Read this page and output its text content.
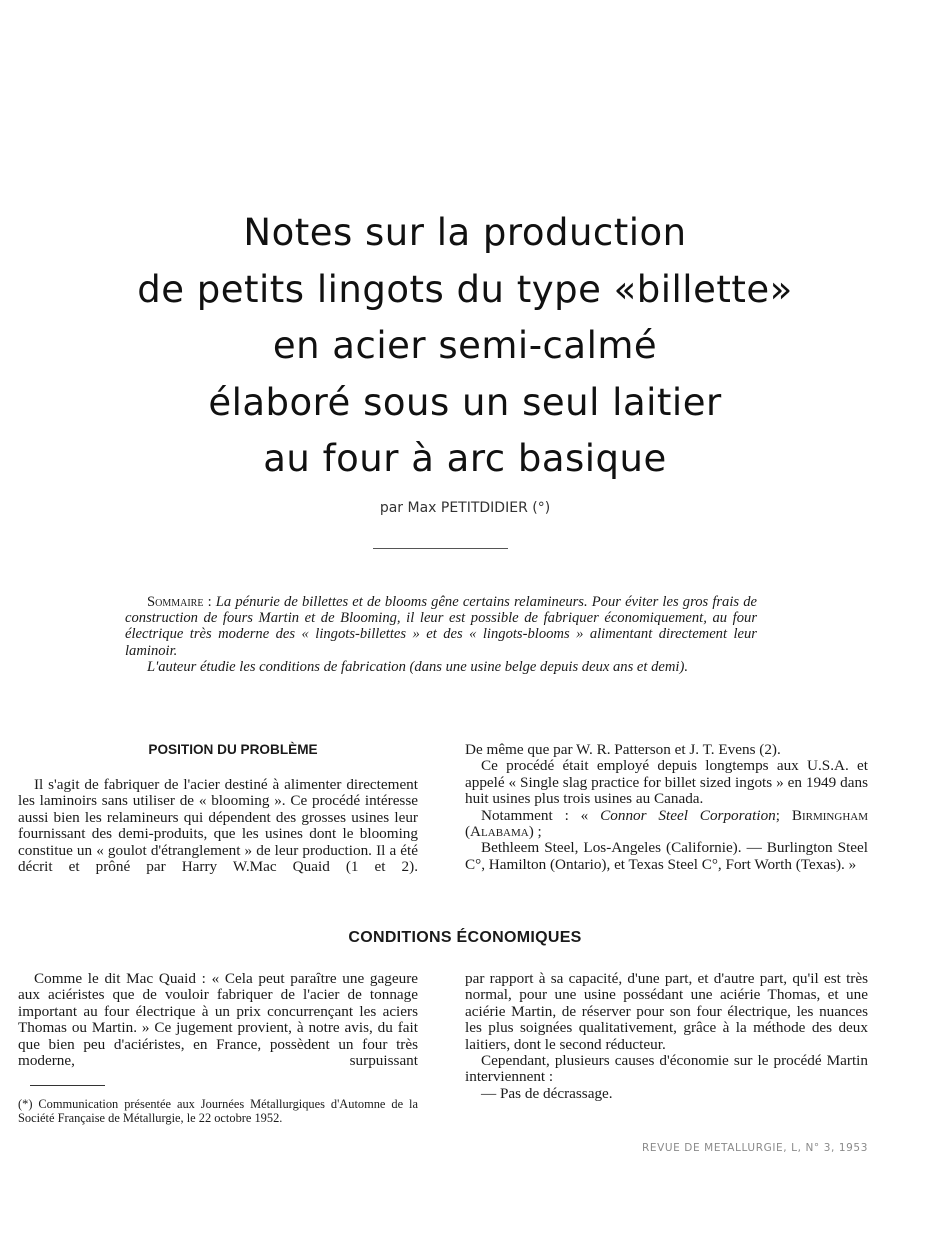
Notes sur la production
de petits lingots du type «billette»
en acier semi-calmé
élaboré sous un seul laitier
au four à arc basique
par Max PETITDIDIER (°)

Sommaire : La pénurie de billettes et de blooms gêne certains relamineurs. Pour éviter les gros frais de construction de fours Martin et de Blooming, il leur est possible de fabriquer économiquement, au four électrique très moderne des « lingots-billettes » et des « lingots-blooms » alimentant directement leur laminoir.

L'auteur étudie les conditions de fabrication (dans une usine belge depuis deux ans et demi).

POSITION DU PROBLÈME

Il s'agit de fabriquer de l'acier destiné à alimenter directement les laminoirs sans utiliser de « blooming ». Ce procédé intéresse aussi bien les relamineurs qui dépendent des grosses usines leur fournissant des demi-produits, que les usines dont le blooming constitue un « goulot d'étranglement » de leur production. Il a été décrit et prôné par Harry W.Mac Quaid (1 et 2).

De même que par W. R. Patterson et J. T. Evens (2).

Ce procédé était employé depuis longtemps aux U.S.A. et appelé « Single slag practice for billet sized ingots » en 1949 dans huit usines plus trois usines au Canada.

Notamment : « Connor Steel Corporation; Birmingham (Alabama) ;

Bethleem Steel, Los-Angeles (Californie). — Burlington Steel C°, Hamilton (Ontario), et Texas Steel C°, Fort Worth (Texas). »

CONDITIONS ÉCONOMIQUES

Comme le dit Mac Quaid : « Cela peut paraître une gageure aux aciéristes que de vouloir fabriquer de l'acier de tonnage important au four électrique à un prix concurrençant les aciers Thomas ou Martin. » Ce jugement provient, à notre avis, du fait que bien peu d'aciéristes, en France, possèdent un four très moderne, surpuissant

par rapport à sa capacité, d'une part, et d'autre part, qu'il est très normal, pour une usine possédant une aciérie Thomas, et une aciérie Martin, de réserver pour son four électrique, les nuances les plus soignées qualitativement, grâce à la méthode des deux laitiers, dont le second réducteur.

Cependant, plusieurs causes d'économie sur le procédé Martin interviennent :

— Pas de décrassage.

(*) Communication présentée aux Journées Métallurgiques d'Automne de la Société Française de Métallurgie, le 22 octobre 1952.
REVUE DE METALLURGIE, L, N° 3, 1953
